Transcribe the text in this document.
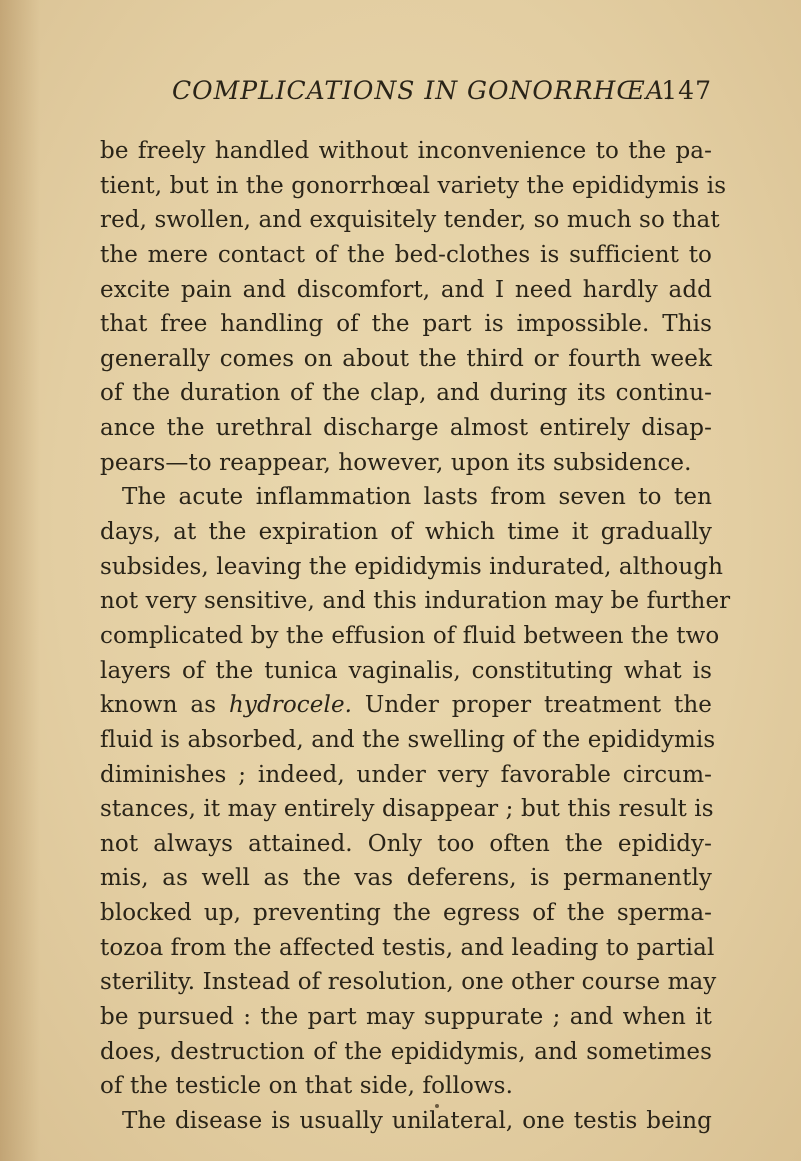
COMPLICATIONS IN GONORRHŒA.
147
be freely handled without inconvenience to the pa-
tient, but in the gonorrhœal variety the epididymis is
red, swollen, and exquisitely tender, so much so that
the mere contact of the bed-clothes is sufficient to
excite pain and discomfort, and I need hardly add
that free handling of the part is impossible. This
generally comes on about the third or fourth week
of the duration of the clap, and during its continu-
ance the urethral discharge almost entirely disap-
pears—to reappear, however, upon its subsidence.
The acute inflammation lasts from seven to ten
days, at the expiration of which time it gradually
subsides, leaving the epididymis indurated, although
not very sensitive, and this induration may be further
complicated by the effusion of fluid between the two
layers of the tunica vaginalis, constituting what is
known as hydrocele. Under proper treatment the
fluid is absorbed, and the swelling of the epididymis
diminishes ; indeed, under very favorable circum-
stances, it may entirely disappear ; but this result is
not always attained. Only too often the epididy-
mis, as well as the vas deferens, is permanently
blocked up, preventing the egress of the sperma-
tozoa from the affected testis, and leading to partial
sterility. Instead of resolution, one other course may
be pursued : the part may suppurate ; and when it
does, destruction of the epididymis, and sometimes
of the testicle on that side, follows.
The disease is usually unilateral, one testis being
